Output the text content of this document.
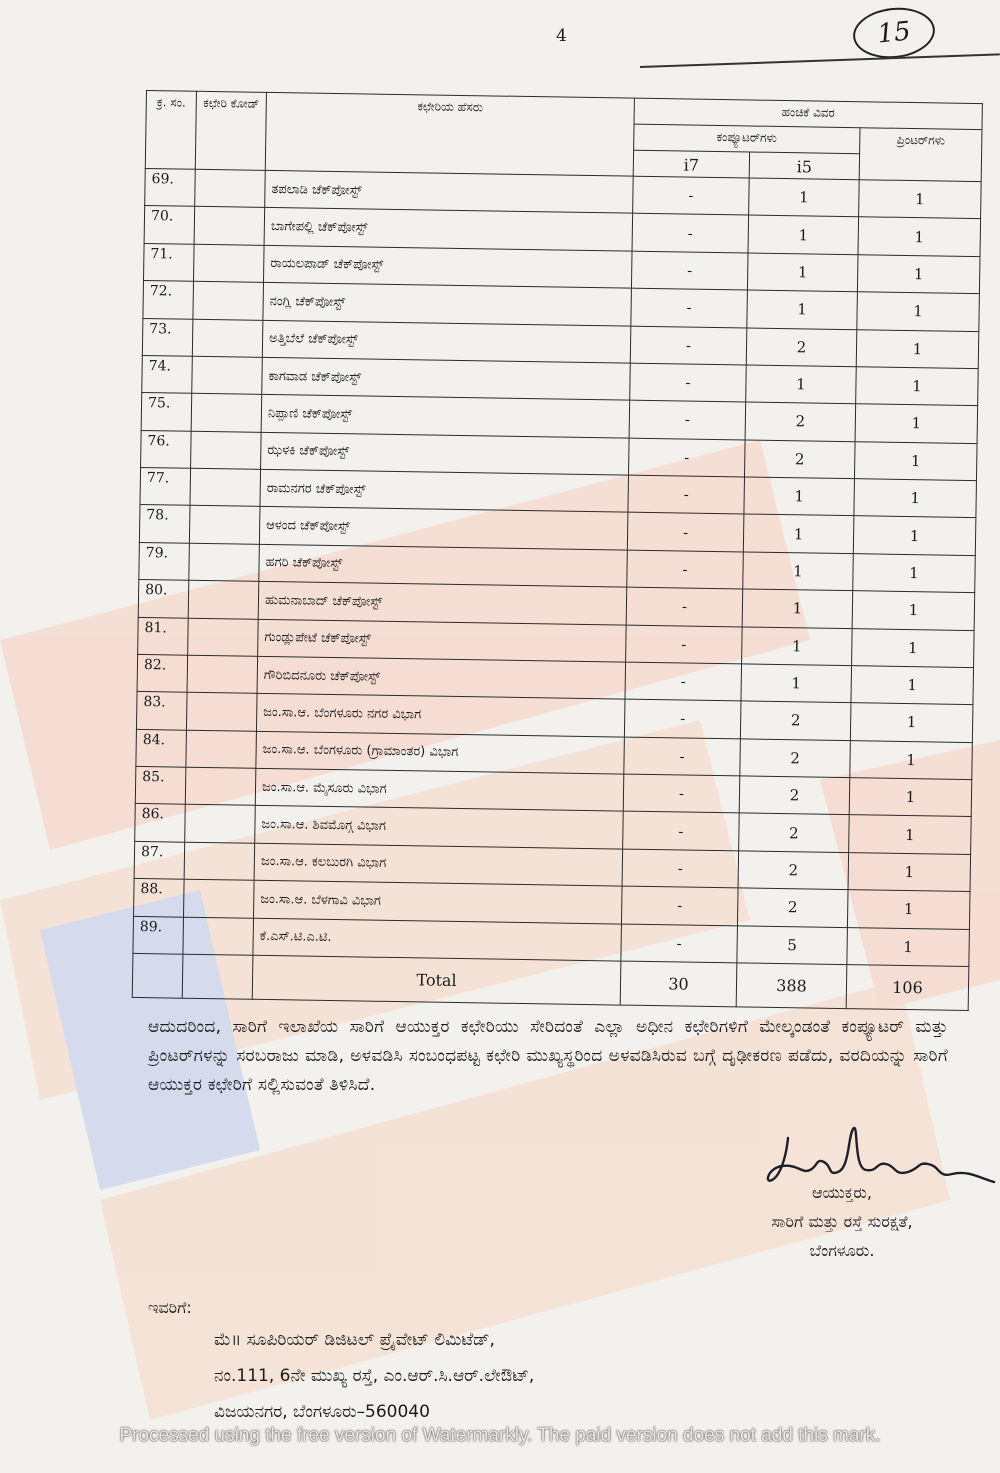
4	15
ಕ್ರ. ಸಂ.	ಕಛೇರಿ ಕೋಡ್	ಕಛೇರಿಯ ಹೆಸರು	ಹಂಚಿಕೆ ವಿವರ		
			ಕಂಪ್ಯೂಟರ್‌ಗಳು		ಪ್ರಿಂಟರ್‌ಗಳು
			i7	i5	
69.		ತಪಲಾಡಿ ಚೆಕ್‌ಪೋಸ್ಟ್	-	1	1
70.		ಬಾಗೇಪಲ್ಲಿ ಚೆಕ್‌ಪೋಸ್ಟ್	-	1	1
71.		ರಾಯಲಪಾಡ್ ಚೆಕ್‌ಪೋಸ್ಟ್	-	1	1
72.		ನಂಗ್ಲಿ ಚೆಕ್‌ಪೋಸ್ಟ್	-	1	1
73.		ಅತ್ತಿಬೆಲೆ ಚೆಕ್‌ಪೋಸ್ಟ್	-	2	1
74.		ಕಾಗವಾಡ ಚೆಕ್‌ಪೋಸ್ಟ್	-	1	1
75.		ನಿಪ್ಪಾಣಿ ಚೆಕ್‌ಪೋಸ್ಟ್	-	2	1
76.		ಝಳಕಿ ಚೆಕ್‌ಪೋಸ್ಟ್	-	2	1
77.		ರಾಮನಗರ ಚೆಕ್‌ಪೋಸ್ಟ್	-	1	1
78.		ಆಳಂದ ಚೆಕ್‌ಪೋಸ್ಟ್	-	1	1
79.		ಹಗರಿ ಚೆಕ್‌ಪೋಸ್ಟ್	-	1	1
80.		ಹುಮನಾಬಾದ್ ಚೆಕ್‌ಪೋಸ್ಟ್	-	1	1
81.		ಗುಂಡ್ಲುಪೇಟೆ ಚೆಕ್‌ಪೋಸ್ಟ್	-	1	1
82.		ಗೌರಿಬಿದನೂರು ಚೆಕ್‌ಪೋಸ್ಟ್	-	1	1
83.		ಜಂ.ಸಾ.ಆ. ಬೆಂಗಳೂರು ನಗರ ವಿಭಾಗ	-	2	1
84.		ಜಂ.ಸಾ.ಆ. ಬೆಂಗಳೂರು (ಗ್ರಾಮಾಂತರ) ವಿಭಾಗ	-	2	1
85.		ಜಂ.ಸಾ.ಆ. ಮೈಸೂರು ವಿಭಾಗ	-	2	1
86.		ಜಂ.ಸಾ.ಆ. ಶಿವಮೊಗ್ಗ ವಿಭಾಗ	-	2	1
87.		ಜಂ.ಸಾ.ಆ. ಕಲಬುರಗಿ ವಿಭಾಗ	-	2	1
88.		ಜಂ.ಸಾ.ಆ. ಬೆಳಗಾವಿ ವಿಭಾಗ	-	2	1
89.		ಕೆ.ಎಸ್.ಟಿ.ಎ.ಟಿ.	-	5	1
		Total	30	388	106
ಆದುದರಿಂದ, ಸಾರಿಗೆ ಇಲಾಖೆಯ ಸಾರಿಗೆ ಆಯುಕ್ತರ ಕಛೇರಿಯು ಸೇರಿದಂತೆ ಎಲ್ಲಾ ಅಧೀನ ಕಛೇರಿಗಳಿಗೆ ಮೇಲ್ಕಂಡಂತೆ ಕಂಪ್ಯೂಟರ್ ಮತ್ತು ಪ್ರಿಂಟರ್‌ಗಳನ್ನು ಸರಬರಾಜು ಮಾಡಿ, ಅಳವಡಿಸಿ ಸಂಬಂಧಪಟ್ಟ ಕಛೇರಿ ಮುಖ್ಯಸ್ಥರಿಂದ ಅಳವಡಿಸಿರುವ ಬಗ್ಗೆ ದೃಢೀಕರಣ ಪಡೆದು, ವರದಿಯನ್ನು ಸಾರಿಗೆ ಆಯುಕ್ತರ ಕಛೇರಿಗೆ ಸಲ್ಲಿಸುವಂತೆ ತಿಳಿಸಿದೆ.
ಆಯುಕ್ತರು,
ಸಾರಿಗೆ ಮತ್ತು ರಸ್ತೆ ಸುರಕ್ಷತೆ,
ಬೆಂಗಳೂರು.
ಇವರಿಗೆ:
ಮೆ॥ ಸೂಪಿರಿಯರ್ ಡಿಜಿಟಲ್ ಪ್ರೈವೇಟ್ ಲಿಮಿಟೆಡ್,
ನಂ.111, 6ನೇ ಮುಖ್ಯ ರಸ್ತೆ, ಎಂ.ಆರ್.ಸಿ.ಆರ್.ಲೇಔಟ್,
ವಿಜಯನಗರ, ಬೆಂಗಳೂರು–560040
Processed using the free version of Watermarkly. The paid version does not add this mark.
